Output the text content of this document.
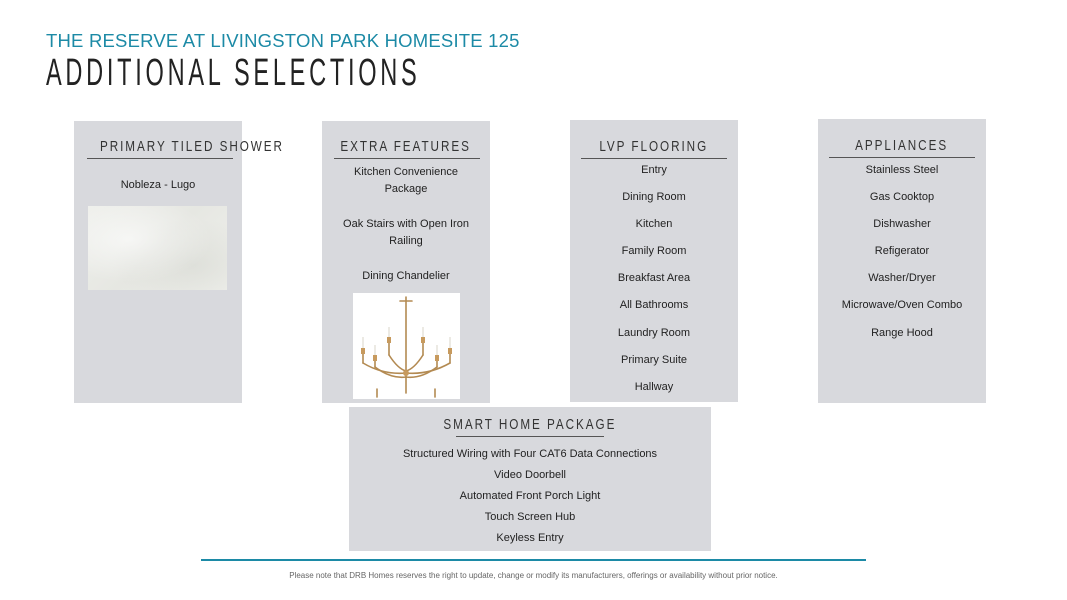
THE RESERVE AT LIVINGSTON PARK HOMESITE 125
ADDITIONAL SELECTIONS
PRIMARY TILED SHOWER
Nobleza - Lugo
EXTRA FEATURES
Kitchen Convenience
Package
Oak Stairs with Open Iron
Railing
Dining Chandelier
LVP FLOORING
Entry
Dining Room
Kitchen
Family Room
Breakfast Area
All Bathrooms
Laundry Room
Primary Suite
Hallway
APPLIANCES
Stainless Steel
Gas Cooktop
Dishwasher
Refigerator
Washer/Dryer
Microwave/Oven Combo
Range Hood
SMART HOME PACKAGE
Structured Wiring with Four CAT6 Data Connections
Video Doorbell
Automated Front Porch Light
Touch Screen Hub
Keyless Entry
Please note that DRB Homes reserves the right to update, change or modify its manufacturers, offerings or availability without prior notice.
